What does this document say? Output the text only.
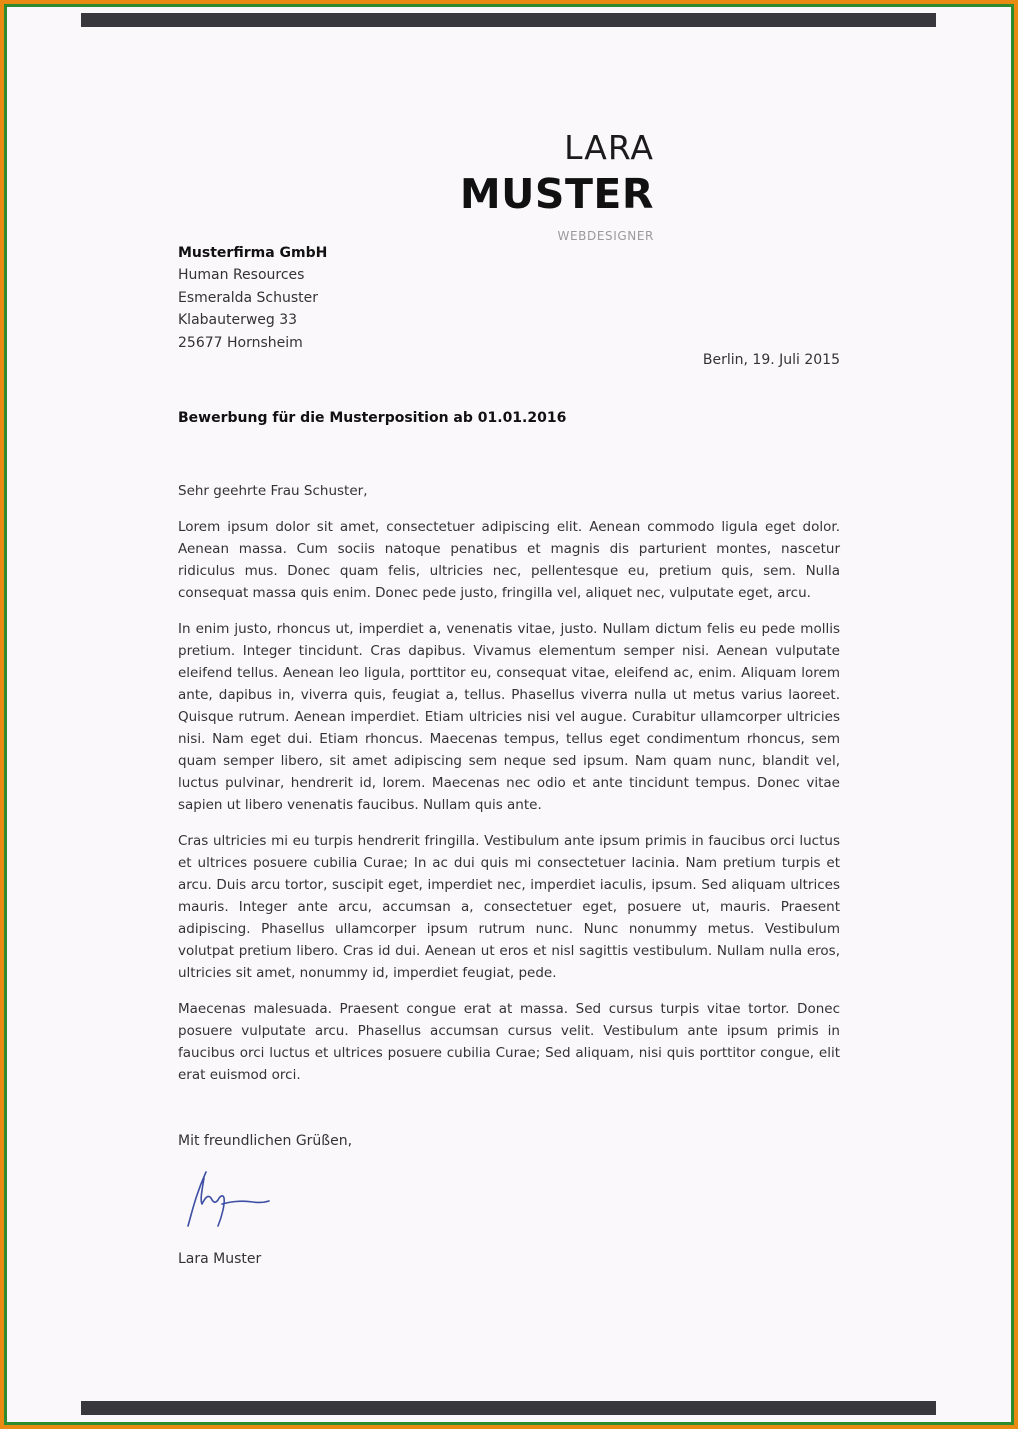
LARA
MUSTER
WEBDESIGNER
Musterfirma GmbH
Human Resources
Esmeralda Schuster
Klabauterweg 33
25677 Hornsheim
Berlin, 19. Juli 2015
Bewerbung für die Musterposition ab 01.01.2016

Sehr geehrte Frau Schuster,

Lorem ipsum dolor sit amet, consectetuer adipiscing elit. Aenean commodo ligula eget dolor. Aenean massa. Cum sociis natoque penatibus et magnis dis parturient montes, nascetur ridiculus mus. Donec quam felis, ultricies nec, pellentesque eu, pretium quis, sem. Nulla consequat massa quis enim. Donec pede justo, fringilla vel, aliquet nec, vulputate eget, arcu.

In enim justo, rhoncus ut, imperdiet a, venenatis vitae, justo. Nullam dictum felis eu pede mollis pretium. Integer tincidunt. Cras dapibus. Vivamus elementum semper nisi. Aenean vulputate eleifend tellus. Aenean leo ligula, porttitor eu, consequat vitae, eleifend ac, enim. Aliquam lorem ante, dapibus in, viverra quis, feugiat a, tellus. Phasellus viverra nulla ut metus varius laoreet. Quisque rutrum. Aenean imperdiet. Etiam ultricies nisi vel augue. Curabitur ullamcorper ultricies nisi. Nam eget dui. Etiam rhoncus. Maecenas tempus, tellus eget condimentum rhoncus, sem quam semper libero, sit amet adipiscing sem neque sed ipsum. Nam quam nunc, blandit vel, luctus pulvinar, hendrerit id, lorem. Maecenas nec odio et ante tincidunt tempus. Donec vitae sapien ut libero venenatis faucibus. Nullam quis ante.

Cras ultricies mi eu turpis hendrerit fringilla. Vestibulum ante ipsum primis in faucibus orci luctus et ultrices posuere cubilia Curae; In ac dui quis mi consectetuer lacinia. Nam pretium turpis et arcu. Duis arcu tortor, suscipit eget, imperdiet nec, imperdiet iaculis, ipsum. Sed aliquam ultrices mauris. Integer ante arcu, accumsan a, consectetuer eget, posuere ut, mauris. Praesent adipiscing. Phasellus ullamcorper ipsum rutrum nunc. Nunc nonummy metus. Vestibulum volutpat pretium libero. Cras id dui. Aenean ut eros et nisl sagittis vestibulum. Nullam nulla eros, ultricies sit amet, nonummy id, imperdiet feugiat, pede.

Maecenas malesuada. Praesent congue erat at massa. Sed cursus turpis vitae tortor. Donec posuere vulputate arcu. Phasellus accumsan cursus velit. Vestibulum ante ipsum primis in faucibus orci luctus et ultrices posuere cubilia Curae; Sed aliquam, nisi quis porttitor congue, elit erat euismod orci.

Mit freundlichen Grüßen,
Lara Muster
